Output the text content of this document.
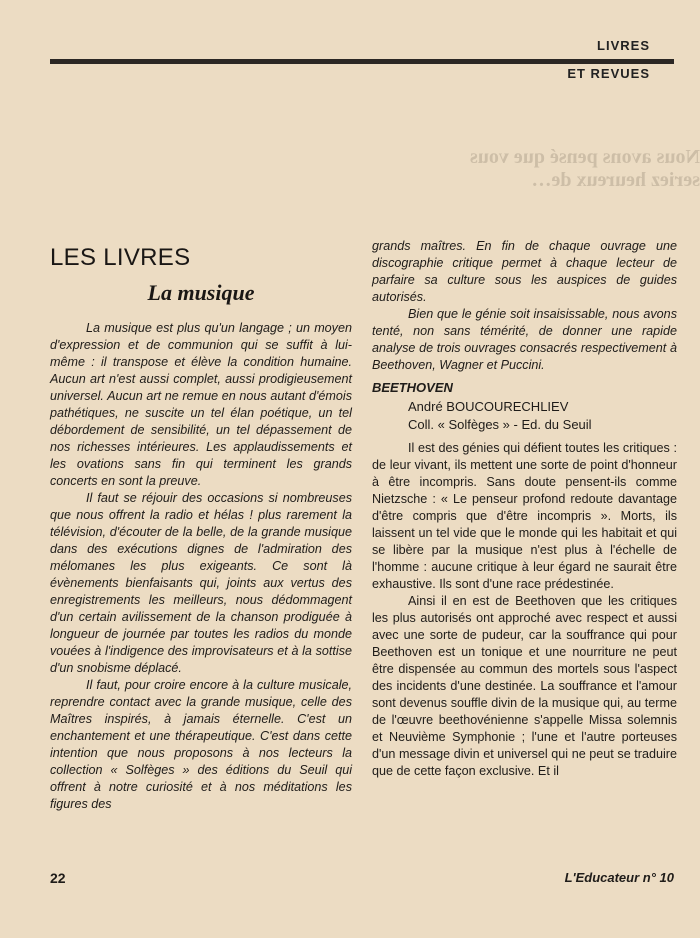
LIVRES
ET REVUES
Nous avons pensé que vous seriez heureux de…
LES LIVRES
La musique

La musique est plus qu'un langage ; un moyen d'expression et de communion qui se suffit à lui-même : il transpose et élève la condition humaine. Aucun art n'est aussi complet, aussi prodigieusement universel. Aucun art ne remue en nous autant d'émois pathétiques, ne suscite un tel élan poétique, un tel débordement de sensibilité, un tel dépassement de nos richesses intérieures. Les applaudissements et les ovations sans fin qui terminent les grands concerts en sont la preuve.

Il faut se réjouir des occasions si nombreuses que nous offrent la radio et hélas ! plus rarement la télévision, d'écouter de la belle, de la grande musique dans des exécutions dignes de l'admiration des mélomanes les plus exigeants. Ce sont là évènements bienfaisants qui, joints aux vertus des enregistrements les meilleurs, nous dédommagent d'un certain avilissement de la chanson prodiguée à longueur de journée par toutes les radios du monde vouées à l'indigence des improvisateurs et à la sottise d'un snobisme déplacé.

Il faut, pour croire encore à la culture musicale, reprendre contact avec la grande musique, celle des Maîtres inspirés, à jamais éternelle. C'est un enchantement et une thérapeutique. C'est dans cette intention que nous proposons à nos lecteurs la collection « Solfèges » des éditions du Seuil qui offrent à notre curiosité et à nos méditations les figures des

grands maîtres. En fin de chaque ouvrage une discographie critique permet à chaque lecteur de parfaire sa culture sous les auspices de guides autorisés.

Bien que le génie soit insaisissable, nous avons tenté, non sans témérité, de donner une rapide analyse de trois ouvrages consacrés respectivement à Beethoven, Wagner et Puccini.

BEETHOVEN
André BOUCOURECHLIEV
Coll. « Solfèges » - Ed. du Seuil

Il est des génies qui défient toutes les critiques : de leur vivant, ils mettent une sorte de point d'honneur à être incompris. Sans doute pensent-ils comme Nietzsche : « Le penseur profond redoute davantage d'être compris que d'être incompris ». Morts, ils laissent un tel vide que le monde qui les habitait et qui se libère par la musique n'est plus à l'échelle de l'homme : aucune critique à leur égard ne saurait être exhaustive. Ils sont d'une race prédestinée.

Ainsi il en est de Beethoven que les critiques les plus autorisés ont approché avec respect et aussi avec une sorte de pudeur, car la souffrance qui pour Beethoven est un tonique et une nourriture ne peut être dispensée au commun des mortels sous l'aspect des incidents d'une destinée. La souffrance et l'amour sont devenus souffle divin de la musique qui, au terme de l'œuvre beethovénienne s'appelle Missa solemnis et Neuvième Symphonie ; l'une et l'autre porteuses d'un message divin et universel qui ne peut se traduire que de cette façon exclusive. Et il

22	L'Educateur n° 10
